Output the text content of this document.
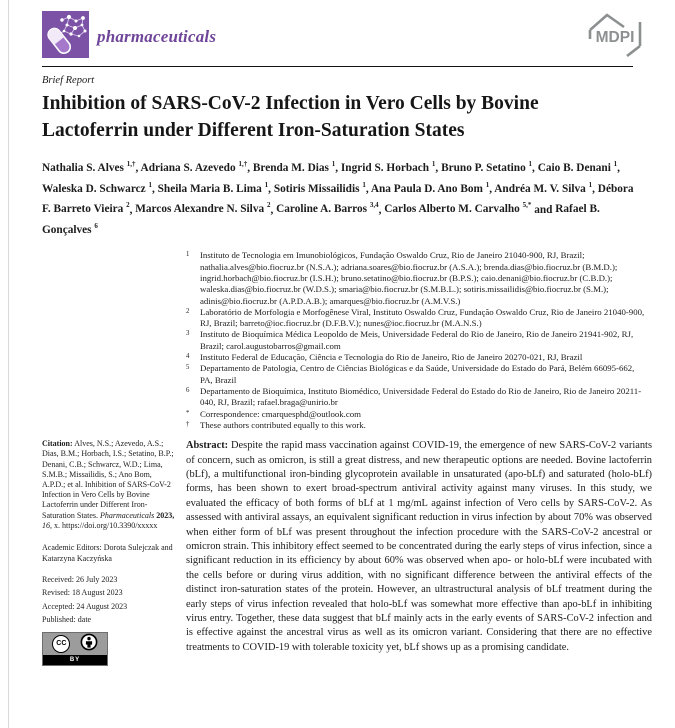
pharmaceuticals	MDPI
Brief Report
Inhibition of SARS-CoV-2 Infection in Vero Cells by Bovine Lactoferrin under Different Iron-Saturation States

Nathalia S. Alves $^{1,\dagger}$, Adriana S. Azevedo $^{1,\dagger}$, Brenda M. Dias $^1$, Ingrid S. Horbach $^1$, Bruno P. Setatino $^1$, Caio B. Denani $^1$, Waleska D. Schwarcz $^1$, Sheila Maria B. Lima $^1$, Sotiris Missailidis $^1$, Ana Paula D. Ano Bom $^1$, Andréa M. V. Silva $^1$, Débora F. Barreto Vieira $^2$, Marcos Alexandre N. Silva $^2$, Caroline A. Barros $^{3,4}$, Carlos Alberto M. Carvalho $^{5,*}$ and Rafael B. Gonçalves $^6$

1	Instituto de Tecnologia em Imunobiológicos, Fundação Oswaldo Cruz, Rio de Janeiro 21040-900, RJ, Brazil; nathalia.alves@bio.fiocruz.br (N.S.A.); adriana.soares@bio.fiocruz.br (A.S.A.); brenda.dias@bio.fiocruz.br (B.M.D.); ingrid.horbach@bio.fiocruz.br (I.S.H.); bruno.setatino@bio.fiocruz.br (B.P.S.); caio.denani@bio.fiocruz.br (C.B.D.); waleska.dias@bio.fiocruz.br (W.D.S.); smaria@bio.fiocruz.br (S.M.B.L.); sotiris.missailidis@bio.fiocruz.br (S.M.); adinis@bio.fiocruz.br (A.P.D.A.B.); amarques@bio.fiocruz.br (A.M.V.S.)
2	Laboratório de Morfologia e Morfogênese Viral, Instituto Oswaldo Cruz, Fundação Oswaldo Cruz, Rio de Janeiro 21040-900, RJ, Brazil; barreto@ioc.fiocruz.br (D.F.B.V.); nunes@ioc.fiocruz.br (M.A.N.S.)
3	Instituto de Bioquímica Médica Leopoldo de Meis, Universidade Federal do Rio de Janeiro, Rio de Janeiro 21941-902, RJ, Brazil; carol.augustobarros@gmail.com
4	Instituto Federal de Educação, Ciência e Tecnologia do Rio de Janeiro, Rio de Janeiro 20270-021, RJ, Brazil
5	Departamento de Patologia, Centro de Ciências Biológicas e da Saúde, Universidade do Estado do Pará, Belém 66095-662, PA, Brazil
6	Departamento de Bioquímica, Instituto Biomédico, Universidade Federal do Estado do Rio de Janeiro, Rio de Janeiro 20211-040, RJ, Brazil; rafael.braga@unirio.br
*	Correspondence: cmarquesphd@outlook.com
†	These authors contributed equally to this work.

Citation: Alves, N.S.; Azevedo, A.S.; Dias, B.M.; Horbach, I.S.; Setatino, B.P.; Denani, C.B.; Schwarcz, W.D.; Lima, S.M.B.; Missailidis, S.; Ano Bom, A.P.D.; et al. Inhibition of SARS-CoV-2 Infection in Vero Cells by Bovine Lactoferrin under Different Iron-Saturation States. Pharmaceuticals 2023, 16, x. https://doi.org/10.3390/xxxxx

Academic Editors: Dorota Sulejczak and Katarzyna Kaczyńska

Received: 26 July 2023
Revised: 18 August 2023
Accepted: 24 August 2023
Published: date
CC
BY

Abstract: Despite the rapid mass vaccination against COVID-19, the emergence of new SARS-CoV-2 variants of concern, such as omicron, is still a great distress, and new therapeutic options are needed. Bovine lactoferrin (bLf), a multifunctional iron-binding glycoprotein available in unsaturated (apo-bLf) and saturated (holo-bLf) forms, has been shown to exert broad-spectrum antiviral activity against many viruses. In this study, we evaluated the efficacy of both forms of bLf at 1 mg/mL against infection of Vero cells by SARS-CoV-2. As assessed with antiviral assays, an equivalent significant reduction in virus infection by about 70% was observed when either form of bLf was present throughout the infection procedure with the SARS-CoV-2 ancestral or omicron strain. This inhibitory effect seemed to be concentrated during the early steps of virus infection, since a significant reduction in its efficiency by about 60% was observed when apo- or holo-bLf were incubated with the cells before or during virus addition, with no significant difference between the antiviral effects of the distinct iron-saturation states of the protein. However, an ultrastructural analysis of bLf treatment during the early steps of virus infection revealed that holo-bLf was somewhat more effective than apo-bLf in inhibiting virus entry. Together, these data suggest that bLf mainly acts in the early events of SARS-CoV-2 infection and is effective against the ancestral virus as well as its omicron variant. Considering that there are no effective treatments to COVID-19 with tolerable toxicity yet, bLf shows up as a promising candidate.
